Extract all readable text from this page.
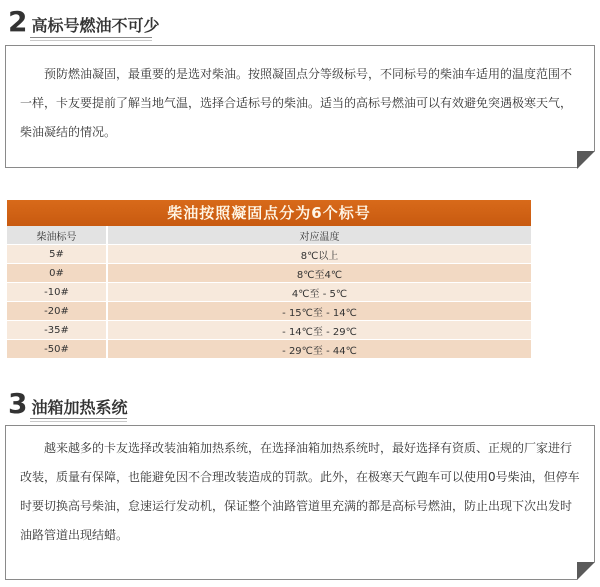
2 高标号燃油不可少

预防燃油凝固，最重要的是选对柴油。按照凝固点分等级标号，不同标号的柴油车适用的温度范围不一样，卡友要提前了解当地气温，选择合适标号的柴油。适当的高标号燃油可以有效避免突遇极寒天气，柴油凝结的情况。

柴油按照凝固点分为6个标号
柴油标号	对应温度
5#	8℃以上
0#	8℃至4℃
-10#	4℃至 - 5℃
-20#	- 15℃至 - 14℃
-35#	- 14℃至 - 29℃
-50#	- 29℃至 - 44℃
3 油箱加热系统

越来越多的卡友选择改装油箱加热系统，在选择油箱加热系统时，最好选择有资质、正规的厂家进行改装，质量有保障，也能避免因不合理改装造成的罚款。此外，在极寒天气跑车可以使用0号柴油，但停车时要切换高号柴油，怠速运行发动机，保证整个油路管道里充满的都是高标号燃油，防止出现下次出发时油路管道出现结蜡。
